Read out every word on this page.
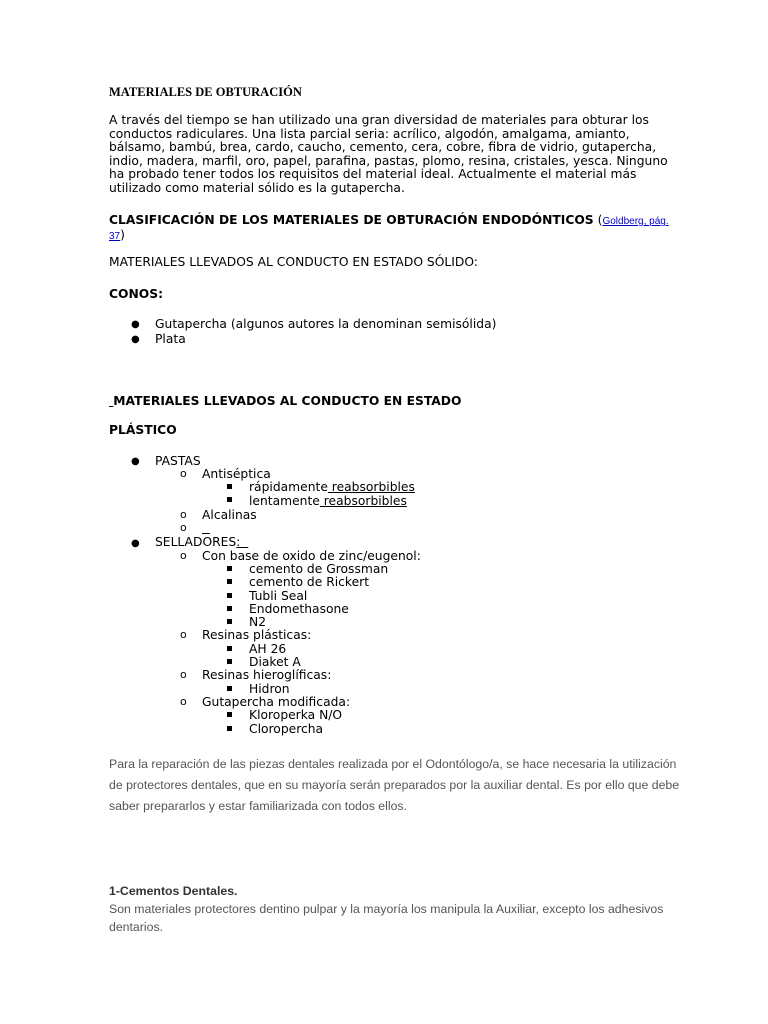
MATERIALES DE OBTURACIÓN
A través del tiempo se han utilizado una gran diversidad de materiales para obturar los
conductos radiculares. Una lista parcial seria: acrílico, algodón, amalgama, amianto,
bálsamo, bambú, brea, cardo, caucho, cemento, cera, cobre, fibra de vidrio, gutapercha,
indio, madera, marfil, oro, papel, parafina, pastas, plomo, resina, cristales, yesca. Ninguno
ha probado tener todos los requisitos del material ideal. Actualmente el material más
utilizado como material sólido es la gutapercha.
CLASIFICACIÓN DE LOS MATERIALES DE OBTURACIÓN ENDODÓNTICOS (Goldberg, pág.
37)
MATERIALES LLEVADOS AL CONDUCTO EN ESTADO SÓLIDO:
CONOS:
● Gutapercha (algunos autores la denominan semisólida)
● Plata
MATERIALES LLEVADOS AL CONDUCTO EN ESTADO
PLÁSTICO
● PASTAS
o Antiséptica
rápidamente reabsorbibles
lentamente reabsorbibles
o Alcalinas
o

● SELLADORES:
o Con base de oxido de zinc/eugenol:
cemento de Grossman
cemento de Rickert
Tubli Seal
Endomethasone
N2
o Resinas plásticas:
AH 26
Diaket A
o Resinas hieroglíficas:
Hidron
o Gutapercha modificada:
Kloroperka N/O
Cloropercha
Para la reparación de las piezas dentales realizada por el Odontólogo/a, se hace necesaria la utilización
de protectores dentales, que en su mayoría serán preparados por la auxiliar dental. Es por ello que debe
saber prepararlos y estar familiarizada con todos ellos.
1-Cementos Dentales.
Son materiales protectores dentino pulpar y la mayoría los manipula la Auxiliar, excepto los adhesivos
dentarios.
